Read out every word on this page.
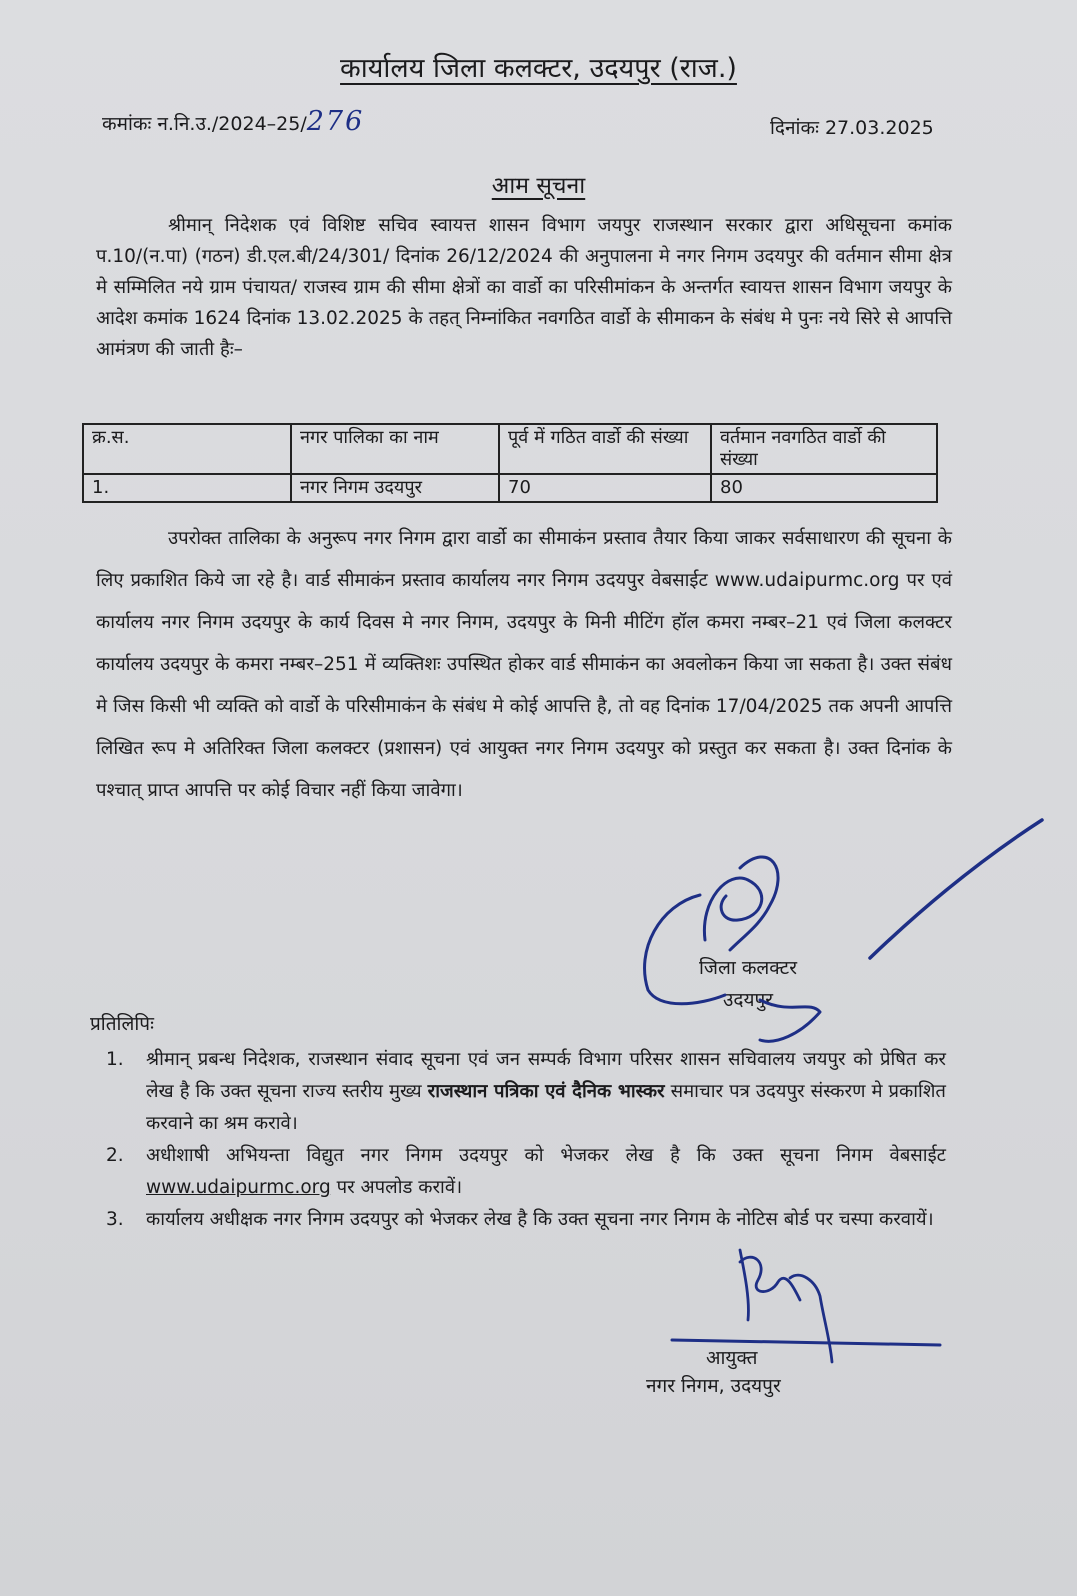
कार्यालय जिला कलक्टर, उदयपुर (राज.)
कमांकः न.नि.उ./2024–25/276	दिनांकः 27.03.2025
आम सूचना

श्रीमान् निदेशक एवं विशिष्ट सचिव स्वायत्त शासन विभाग जयपुर राजस्थान सरकार द्वारा अधिसूचना कमांक प.10/(न.पा) (गठन) डी.एल.बी/24/301/ दिनांक 26/12/2024 की अनुपालना मे नगर निगम उदयपुर की वर्तमान सीमा क्षेत्र मे सम्मिलित नये ग्राम पंचायत/ राजस्व ग्राम की सीमा क्षेत्रों का वार्डो का परिसीमांकन के अन्तर्गत स्वायत्त शासन विभाग जयपुर के आदेश कमांक 1624 दिनांक 13.02.2025 के तहत् निम्नांकित नवगठित वार्डो के सीमाकन के संबंध मे पुनः नये सिरे से आपत्ति आमंत्रण की जाती हैः–

क्र.स.	नगर पालिका का नाम	पूर्व में गठित वार्डो की संख्या	वर्तमान नवगठित वार्डो की संख्या
1.	नगर निगम उदयपुर	70	80

उपरोक्त तालिका के अनुरूप नगर निगम द्वारा वार्डो का सीमाकंन प्रस्ताव तैयार किया जाकर सर्वसाधारण की सूचना के लिए प्रकाशित किये जा रहे है। वार्ड सीमाकंन प्रस्ताव कार्यालय नगर निगम उदयपुर वेबसाईट www.udaipurmc.org पर एवं कार्यालय नगर निगम उदयपुर के कार्य दिवस मे नगर निगम, उदयपुर के मिनी मीटिंग हॉल कमरा नम्बर–21 एवं जिला कलक्टर कार्यालय उदयपुर के कमरा नम्बर–251 में व्यक्तिशः उपस्थित होकर वार्ड सीमाकंन का अवलोकन किया जा सकता है। उक्त संबंध मे जिस किसी भी व्यक्ति को वार्डो के परिसीमाकंन के संबंध मे कोई आपत्ति है, तो वह दिनांक 17/04/2025 तक अपनी आपत्ति लिखित रूप मे अतिरिक्त जिला कलक्टर (प्रशासन) एवं आयुक्त नगर निगम उदयपुर को प्रस्तुत कर सकता है। उक्त दिनांक के पश्चात् प्राप्त आपत्ति पर कोई विचार नहीं किया जावेगा।

जिला कलक्टर
उदयपुर
प्रतिलिपिः
1. श्रीमान् प्रबन्ध निदेशक, राजस्थान संवाद सूचना एवं जन सम्पर्क विभाग परिसर शासन सचिवालय जयपुर को प्रेषित कर लेख है कि उक्त सूचना राज्य स्तरीय मुख्य राजस्थान पत्रिका एवं दैनिक भास्कर समाचार पत्र उदयपुर संस्करण मे प्रकाशित करवाने का श्रम करावे।
2. अधीशाषी अभियन्ता विद्युत नगर निगम उदयपुर को भेजकर लेख है कि उक्त सूचना निगम वेबसाईट www.udaipurmc.org पर अपलोड करावें।
3. कार्यालय अधीक्षक नगर निगम उदयपुर को भेजकर लेख है कि उक्त सूचना नगर निगम के नोटिस बोर्ड पर चस्पा करवायें।
आयुक्त
नगर निगम, उदयपुर
